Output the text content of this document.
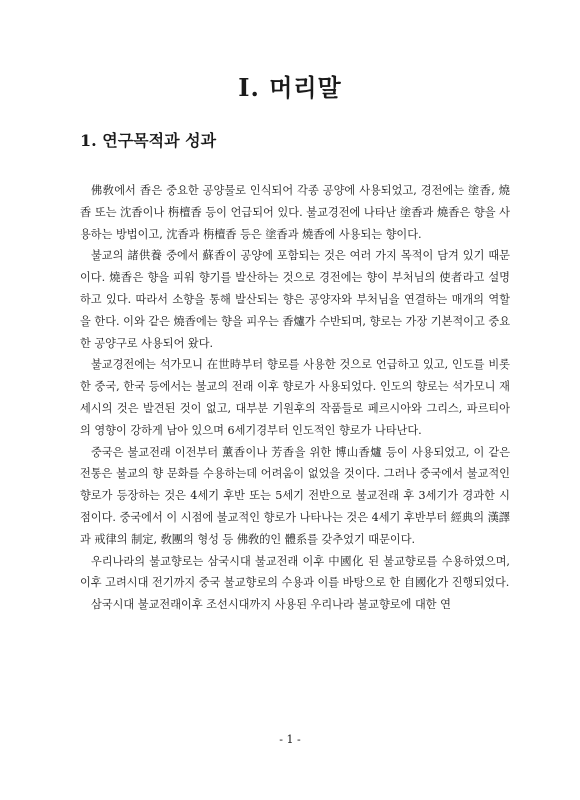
Ⅰ. 머리말
1. 연구목적과 성과

佛敎에서 香은 중요한 공양물로 인식되어 각종 공양에 사용되었고, 경전에는 塗香, 燒香 또는 沈香이나 栴檀香 등이 언급되어 있다. 불교경전에 나타난 塗香과 燒香은 향을 사용하는 방법이고, 沈香과 栴檀香 등은 塗香과 燒香에 사용되는 향이다.

불교의 諸供養 중에서 蘇香이 공양에 포함되는 것은 여러 가지 목적이 담겨 있기 때문이다. 燒香은 향을 피워 향기를 발산하는 것으로 경전에는 향이 부처님의 使者라고 설명하고 있다. 따라서 소향을 통해 발산되는 향은 공양자와 부처님을 연결하는 매개의 역할을 한다. 이와 같은 燒香에는 향을 피우는 香爐가 수반되며, 향로는 가장 기본적이고 중요한 공양구로 사용되어 왔다.

불교경전에는 석가모니 在世時부터 향로를 사용한 것으로 언급하고 있고, 인도를 비롯한 중국, 한국 등에서는 불교의 전래 이후 향로가 사용되었다. 인도의 향로는 석가모니 재세시의 것은 발견된 것이 없고, 대부분 기원후의 작품들로 페르시아와 그리스, 파르티아의 영향이 강하게 남아 있으며 6세기경부터 인도적인 향로가 나타난다.

중국은 불교전래 이전부터 薰香이나 芳香을 위한 博山香爐 등이 사용되었고, 이 같은 전통은 불교의 향 문화를 수용하는데 어려움이 없었을 것이다. 그러나 중국에서 불교적인 향로가 등장하는 것은 4세기 후반 또는 5세기 전반으로 불교전래 후 3세기가 경과한 시점이다. 중국에서 이 시점에 불교적인 향로가 나타나는 것은 4세기 후반부터 經典의 漢譯과 戒律의 制定, 敎團의 형성 등 佛敎的인 體系를 갖추었기 때문이다.

우리나라의 불교향로는 삼국시대 불교전래 이후 中國化 된 불교향로를 수용하였으며, 이후 고려시대 전기까지 중국 불교향로의 수용과 이를 바탕으로 한 自國化가 진행되었다.

삼국시대 불교전래이후 조선시대까지 사용된 우리나라 불교향로에 대한 연

- 1 -
